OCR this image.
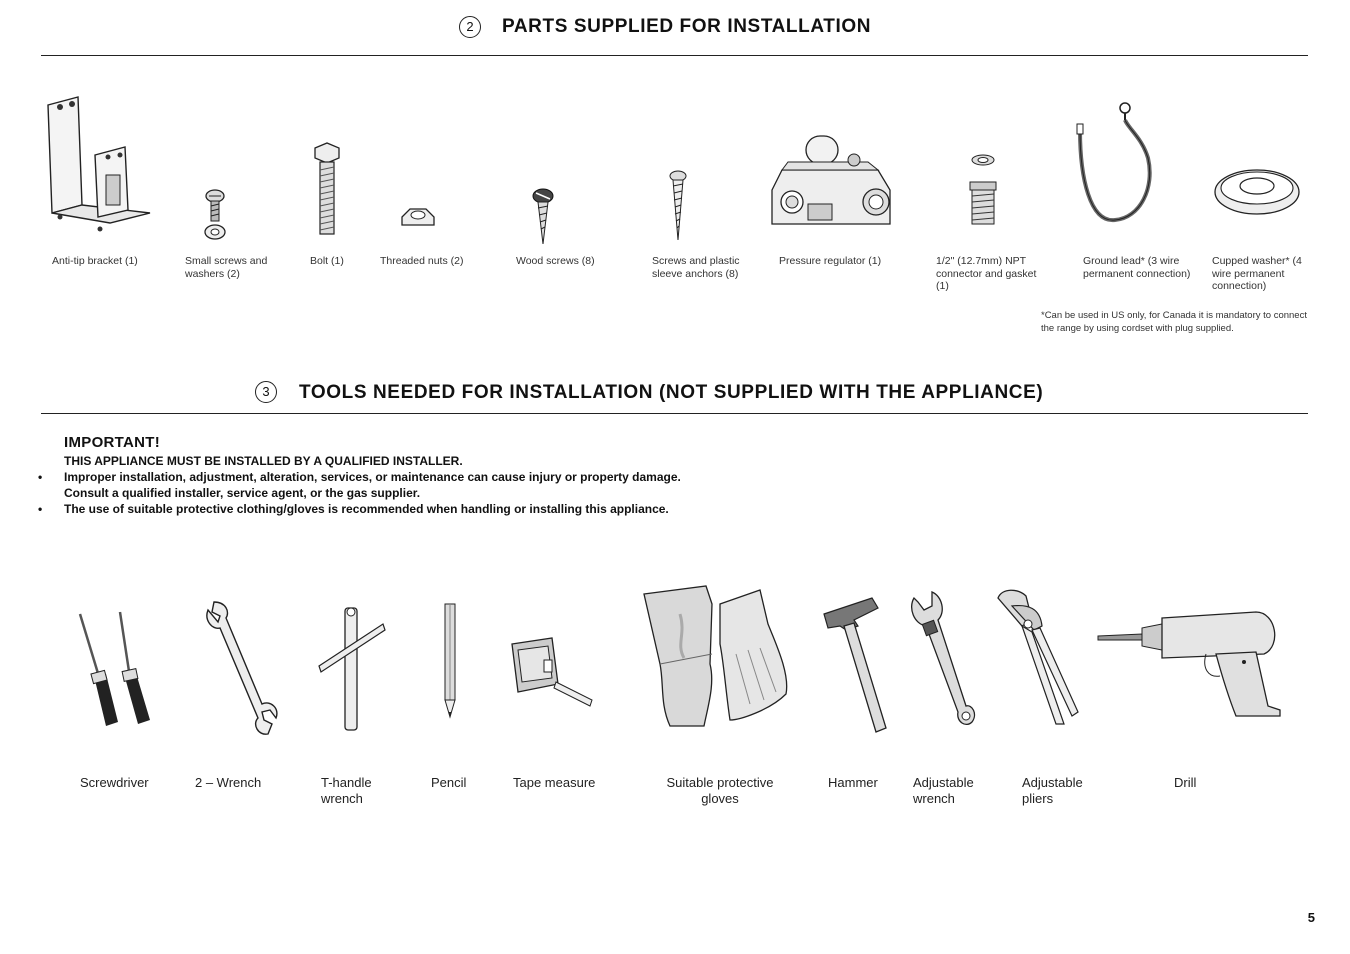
2	PARTS SUPPLIED FOR INSTALLATION
Anti-tip bracket (1)	Small screws and washers (2)
Bolt (1)	Threaded nuts (2)	Wood screws (8)	Screws and plastic sleeve anchors (8)
Pressure regulator (1)	1/2" (12.7mm) NPT connector and gasket (1)
Ground lead* (3 wire permanent connection)
Cupped washer* (4 wire permanent connection)
*Can be used in US only, for Canada it is mandatory to connect the range by using cordset with plug supplied.
3	TOOLS NEEDED FOR INSTALLATION (NOT SUPPLIED WITH THE APPLIANCE)
IMPORTANT!
THIS APPLIANCE MUST BE INSTALLED BY A QUALIFIED INSTALLER.
• Improper installation, adjustment, alteration, services, or maintenance can cause injury or property damage.
Consult a qualified installer, service agent, or the gas supplier.
• The use of suitable protective clothing/gloves is recommended when handling or installing this appliance.
Screwdriver	2 – Wrench	T-handle wrench
Pencil	Tape measure	Suitable protective gloves
Hammer	Adjustable wrench
Adjustable pliers
Drill
5
